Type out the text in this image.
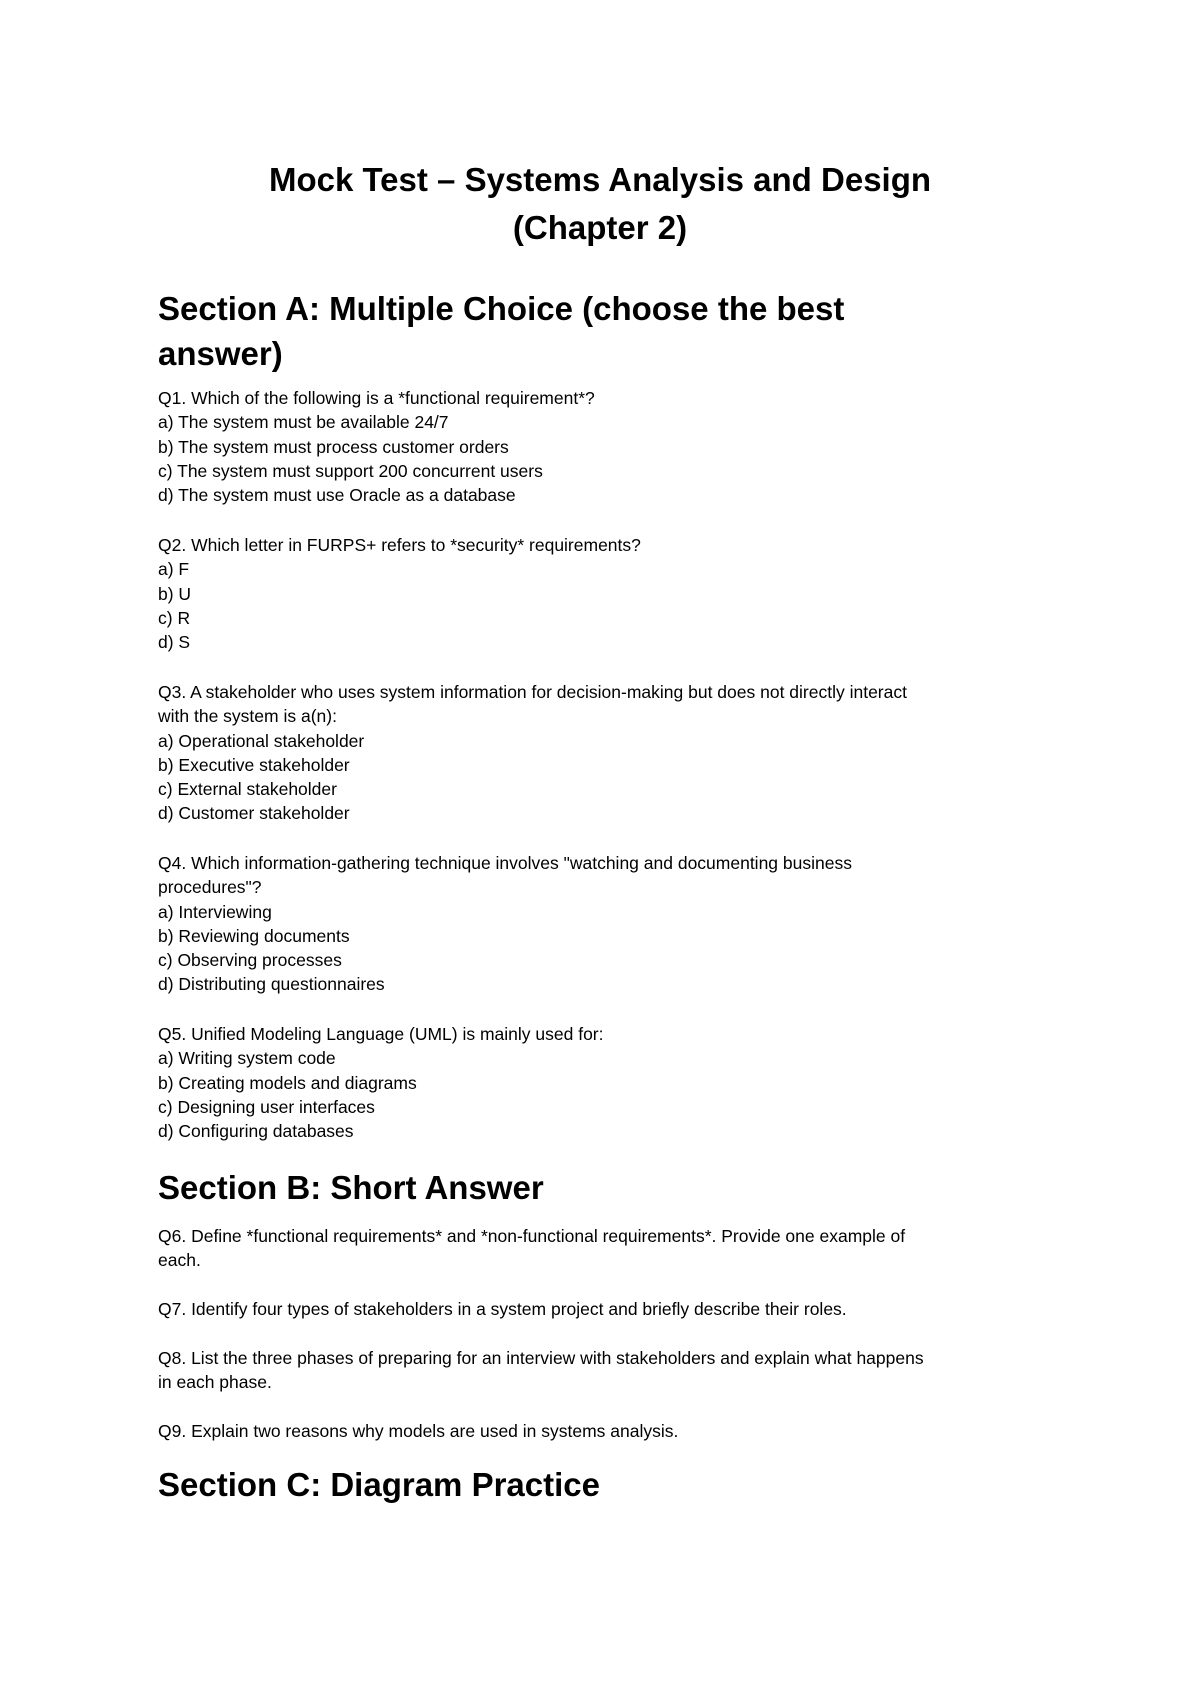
Mock Test – Systems Analysis and Design
(Chapter 2)
Section A: Multiple Choice (choose the best
answer)
Q1. Which of the following is a *functional requirement*?
a) The system must be available 24/7
b) The system must process customer orders
c) The system must support 200 concurrent users
d) The system must use Oracle as a database
Q2. Which letter in FURPS+ refers to *security* requirements?
a) F
b) U
c) R
d) S
Q3. A stakeholder who uses system information for decision-making but does not directly interact
with the system is a(n):
a) Operational stakeholder
b) Executive stakeholder
c) External stakeholder
d) Customer stakeholder
Q4. Which information-gathering technique involves "watching and documenting business
procedures"?
a) Interviewing
b) Reviewing documents
c) Observing processes
d) Distributing questionnaires
Q5. Unified Modeling Language (UML) is mainly used for:
a) Writing system code
b) Creating models and diagrams
c) Designing user interfaces
d) Configuring databases
Section B: Short Answer
Q6. Define *functional requirements* and *non-functional requirements*. Provide one example of
each.
Q7. Identify four types of stakeholders in a system project and briefly describe their roles.
Q8. List the three phases of preparing for an interview with stakeholders and explain what happens
in each phase.
Q9. Explain two reasons why models are used in systems analysis.
Section C: Diagram Practice
